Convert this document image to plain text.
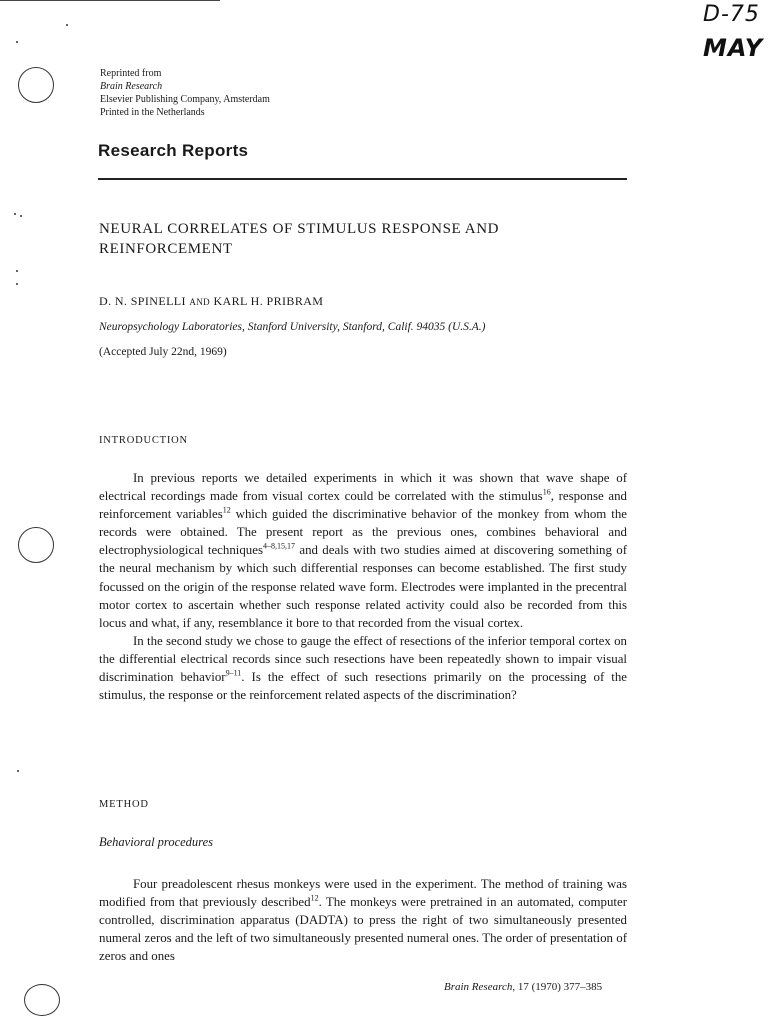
D-75
MAY
Reprinted from
Brain Research
Elsevier Publishing Company, Amsterdam
Printed in the Netherlands
Research Reports
NEURAL CORRELATES OF STIMULUS RESPONSE AND REINFORCEMENT
D. N. SPINELLI AND KARL H. PRIBRAM
Neuropsychology Laboratories, Stanford University, Stanford, Calif. 94035 (U.S.A.)
(Accepted July 22nd, 1969)
INTRODUCTION

In previous reports we detailed experiments in which it was shown that wave shape of electrical recordings made from visual cortex could be correlated with the stimulus$^{16}$, response and reinforcement variables$^{12}$ which guided the discriminative behavior of the monkey from whom the records were obtained. The present report as the previous ones, combines behavioral and electrophysiological techniques$^{4-8,15,17}$ and deals with two studies aimed at discovering something of the neural mechanism by which such differential responses can become established. The first study focussed on the origin of the response related wave form. Electrodes were implanted in the precentral motor cortex to ascertain whether such response related activity could also be recorded from this locus and what, if any, resemblance it bore to that recorded from the visual cortex.

In the second study we chose to gauge the effect of resections of the inferior temporal cortex on the differential electrical records since such resections have been repeatedly shown to impair visual discrimination behavior$^{9-11}$. Is the effect of such resections primarily on the processing of the stimulus, the response or the reinforcement related aspects of the discrimination?

METHOD
Behavioral procedures

Four preadolescent rhesus monkeys were used in the experiment. The method of training was modified from that previously described$^{12}$. The monkeys were pretrained in an automated, computer controlled, discrimination apparatus (DADTA) to press the right of two simultaneously presented numeral zeros and the left of two simultaneously presented numeral ones. The order of presentation of zeros and ones

Brain Research, 17 (1970) 377–385
